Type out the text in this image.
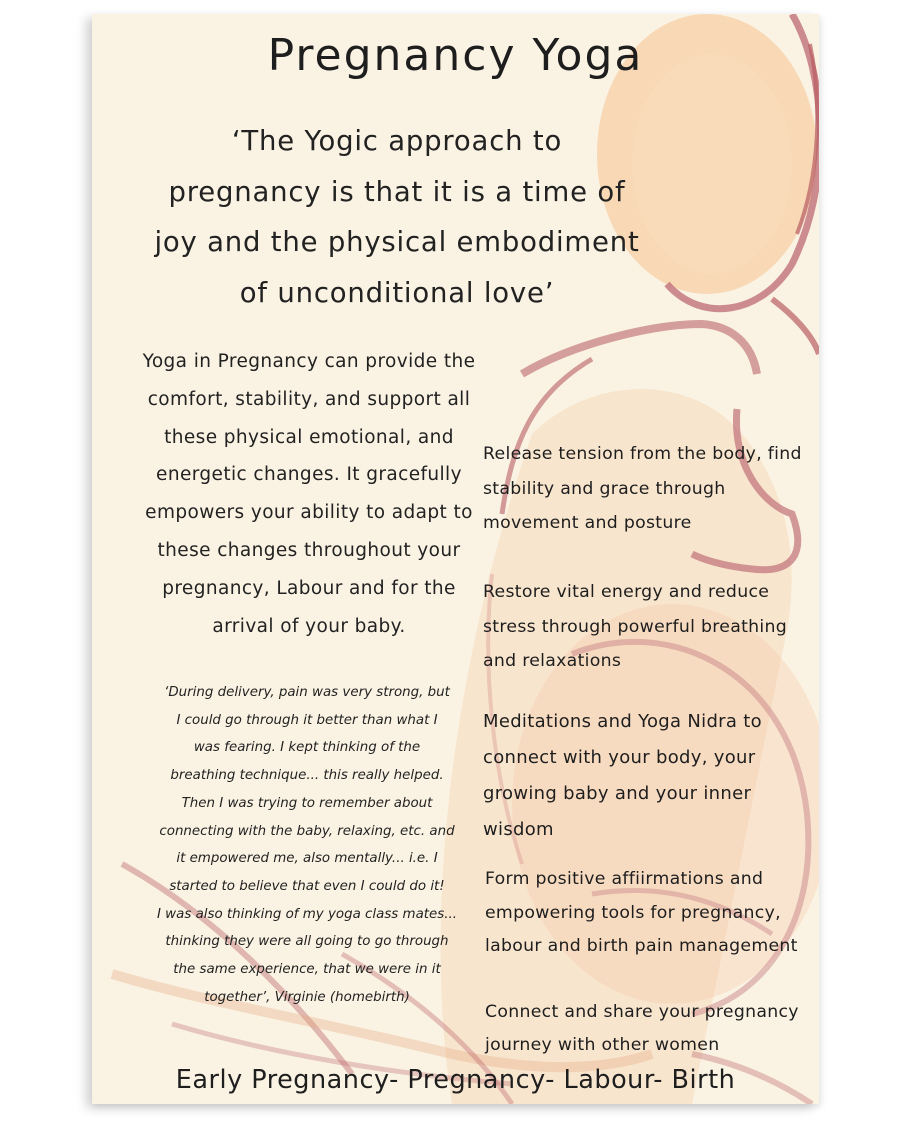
Pregnancy Yoga

‘The Yogic approach to
pregnancy is that it is a time of
joy and the physical embodiment
of unconditional love’

Yoga in Pregnancy can provide the
comfort, stability, and support all
these physical emotional, and
energetic changes. It gracefully
empowers your ability to adapt to
these changes throughout your
pregnancy, Labour and for the
arrival of your baby.

‘During delivery, pain was very strong, but
I could go through it better than what I
was fearing. I kept thinking of the
breathing technique... this really helped.
Then I was trying to remember about
connecting with the baby, relaxing, etc. and
it empowered me, also mentally... i.e. I
started to believe that even I could do it!
I was also thinking of my yoga class mates...
thinking they were all going to go through
the same experience, that we were in it
together’, Virginie (homebirth)

Release tension from the body, find
stability and grace through
movement and posture

Restore vital energy and reduce
stress through powerful breathing
and relaxations

Meditations and Yoga Nidra to
connect with your body, your
growing baby and your inner
wisdom

Form positive affiirmations and
empowering tools for pregnancy,
labour and birth pain management

Connect and share your pregnancy
journey with other women

Early Pregnancy- Pregnancy- Labour- Birth
